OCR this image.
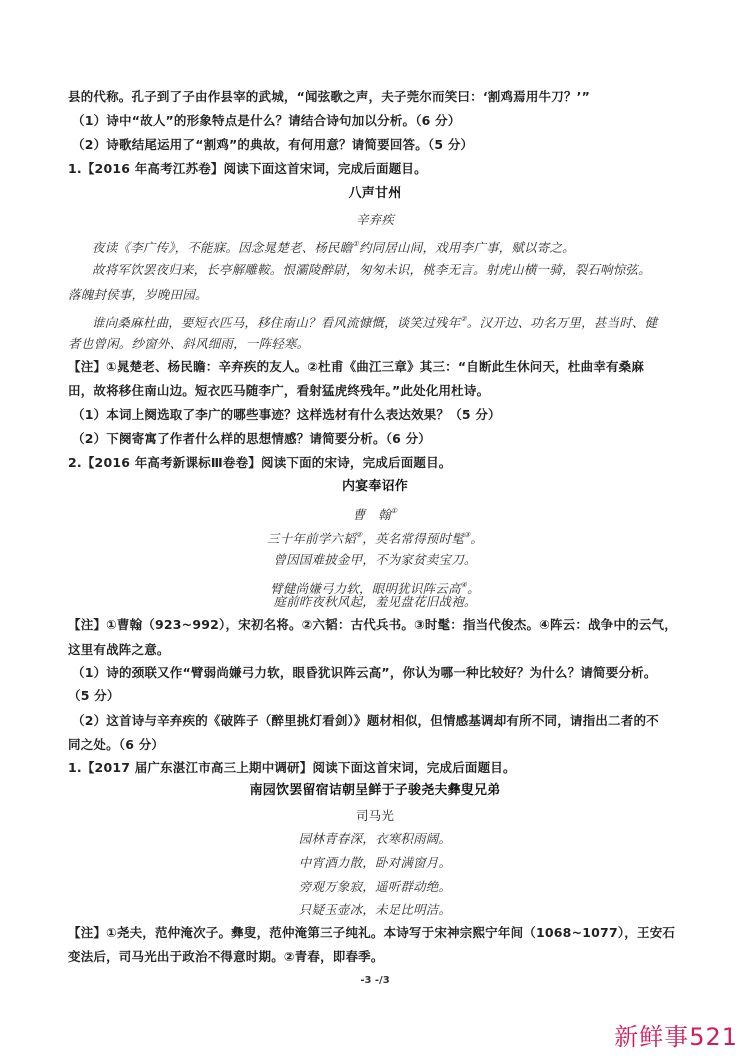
县的代称。孔子到了子由作县宰的武城，“闻弦歌之声，夫子莞尔而笑曰：‘割鸡焉用牛刀？’”
（1）诗中“故人”的形象特点是什么？请结合诗句加以分析。（6 分）
（2）诗歌结尾运用了“割鸡”的典故，有何用意？请简要回答。（5 分）
1.【2016 年高考江苏卷】阅读下面这首宋词，完成后面题目。
八声甘州
辛弃疾
夜读《李广传》，不能寐。因念晁楚老、杨民瞻①约同居山间，戏用李广事，赋以寄之。
故将军饮罢夜归来，长亭解雕鞍。恨灞陵醉尉，匆匆未识，桃李无言。射虎山横一骑，裂石响惊弦。
落魄封侯事，岁晚田园。
谁向桑麻杜曲，要短衣匹马，移住南山？看风流慷慨，谈笑过残年②。汉开边、功名万里，甚当时、健
者也曾闲。纱窗外、斜风细雨，一阵轻寒。
【注】①晁楚老、杨民瞻：辛弃疾的友人。②杜甫《曲江三章》其三：“自断此生休问天，杜曲幸有桑麻
田，故将移住南山边。短衣匹马随李广，看射猛虎终残年。”此处化用杜诗。
（1）本词上阕选取了李广的哪些事迹？这样选材有什么表达效果？（5 分）
（2）下阕寄寓了作者什么样的思想情感？请简要分析。（6 分）
2.【2016 年高考新课标Ⅲ卷卷】阅读下面的宋诗，完成后面题目。
内宴奉诏作
曹　翰①
三十年前学六韬②，英名常得预时髦③。
曾因国难披金甲，不为家贫卖宝刀。
臂健尚嫌弓力软，眼明犹识阵云高④。
庭前昨夜秋风起，羞见盘花旧战袍。
【注】①曹翰（923~992），宋初名将。②六韬：古代兵书。③时髦：指当代俊杰。④阵云：战争中的云气，
这里有战阵之意。
（1）诗的颈联又作“臂弱尚嫌弓力软，眼昏犹识阵云高”，你认为哪一种比较好？为什么？请简要分析。
（5 分）
（2）这首诗与辛弃疾的《破阵子（醉里挑灯看剑）》题材相似，但情感基调却有所不同，请指出二者的不
同之处。（6 分）
1.【2017 届广东湛江市高三上期中调研】阅读下面这首宋词，完成后面题目。
南园饮罢留宿诘朝呈鲜于子骏尧夫彝叟兄弟
司马光
园林青春深，衣寒积雨阔。
中宵酒力散，卧对满窗月。
旁观万象寂，遥听群动绝。
只疑玉壶冰，未足比明洁。
【注】①尧夫，范仲淹次子。彝叟，范仲淹第三子纯礼。本诗写于宋神宗熙宁年间（1068~1077），王安石
变法后，司马光出于政治不得意时期。②青春，即春季。
-3 -/3
新鲜事521
